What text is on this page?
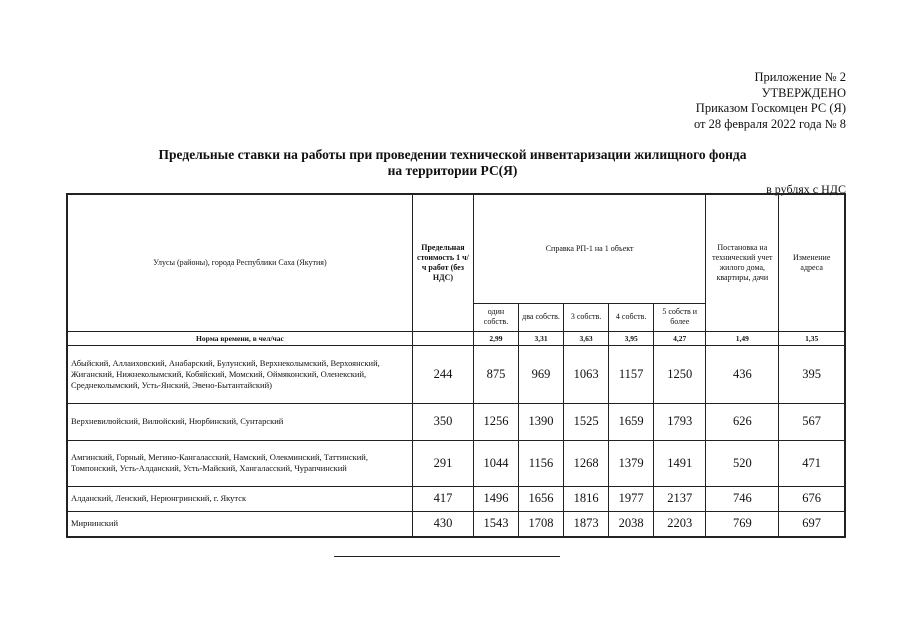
Приложение № 2
УТВЕРЖДЕНО
Приказом Госкомцен РС (Я)
от 28 февраля 2022 года № 8
Предельные ставки на работы при проведении технической инвентаризации жилищного фонда
на территории РС(Я)
в рублях с НДС
Улусы (районы), города Республики Саха (Якутия)	Предельная стоимость 1 ч/ч работ (без НДС)	Справка РП-1 на 1 объект					Постановка на технический учет жилого дома, квартиры, дачи	Изменение адреса
		один собств.	два собств.	3 собств.	4 собств.	5 собств и более		
Норма времени, в чел/час		2,99	3,31	3,63	3,95	4,27	1,49	1,35
Абыйский, Аллаиховский, Анабарский, Булунский, Верхнеколымский, Верхоянский, Жиганский, Нижнеколымский, Кобяйский, Момский, Оймяконский, Оленекский, Среднеколымский, Усть-Янский, Эвено-Бытантайский)	244	875	969	1063	1157	1250	436	395
Верхневилюйский, Вилюйский, Нюрбинский, Сунтарский	350	1256	1390	1525	1659	1793	626	567
Амгинский, Горный, Мегино-Кангаласский, Намский, Олекминский, Таттинский, Томпонский, Усть-Алданский, Усть-Майский, Хангаласский, Чурапчинский	291	1044	1156	1268	1379	1491	520	471
Алданский, Ленский, Нерюнгринский, г. Якутск	417	1496	1656	1816	1977	2137	746	676
Мирнинский	430	1543	1708	1873	2038	2203	769	697
